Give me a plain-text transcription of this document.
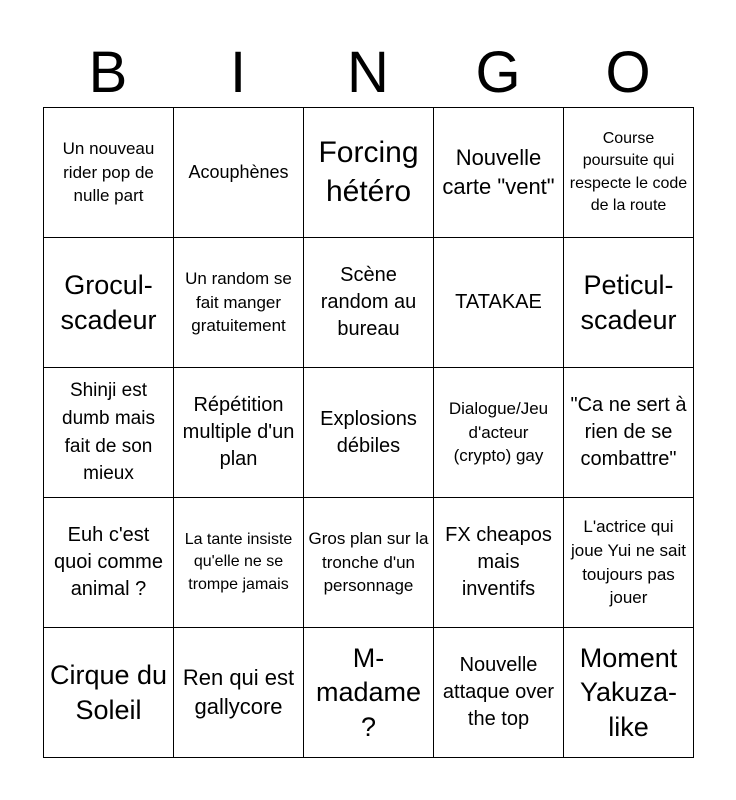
B	I	N	G	O
Un nouveau rider pop de nulle part	Acouphènes	Forcing hétéro	Nouvelle carte "vent"	Course poursuite qui respecte le code de la route
Grocul-scadeur	Un random se fait manger gratuitement	Scène random au bureau	TATAKAE	Peticul-scadeur
Shinji est dumb mais fait de son mieux	Répétition multiple d'un plan	Explosions débiles	Dialogue/Jeu d'acteur (crypto) gay	"Ca ne sert à rien de se combattre"
Euh c'est quoi comme animal ?	La tante insiste qu'elle ne se trompe jamais	Gros plan sur la tronche d'un personnage	FX cheapos mais inventifs	L'actrice qui joue Yui ne sait toujours pas jouer
Cirque du Soleil	Ren qui est gallycore	M-madame ?	Nouvelle attaque over the top	Moment Yakuza-like
